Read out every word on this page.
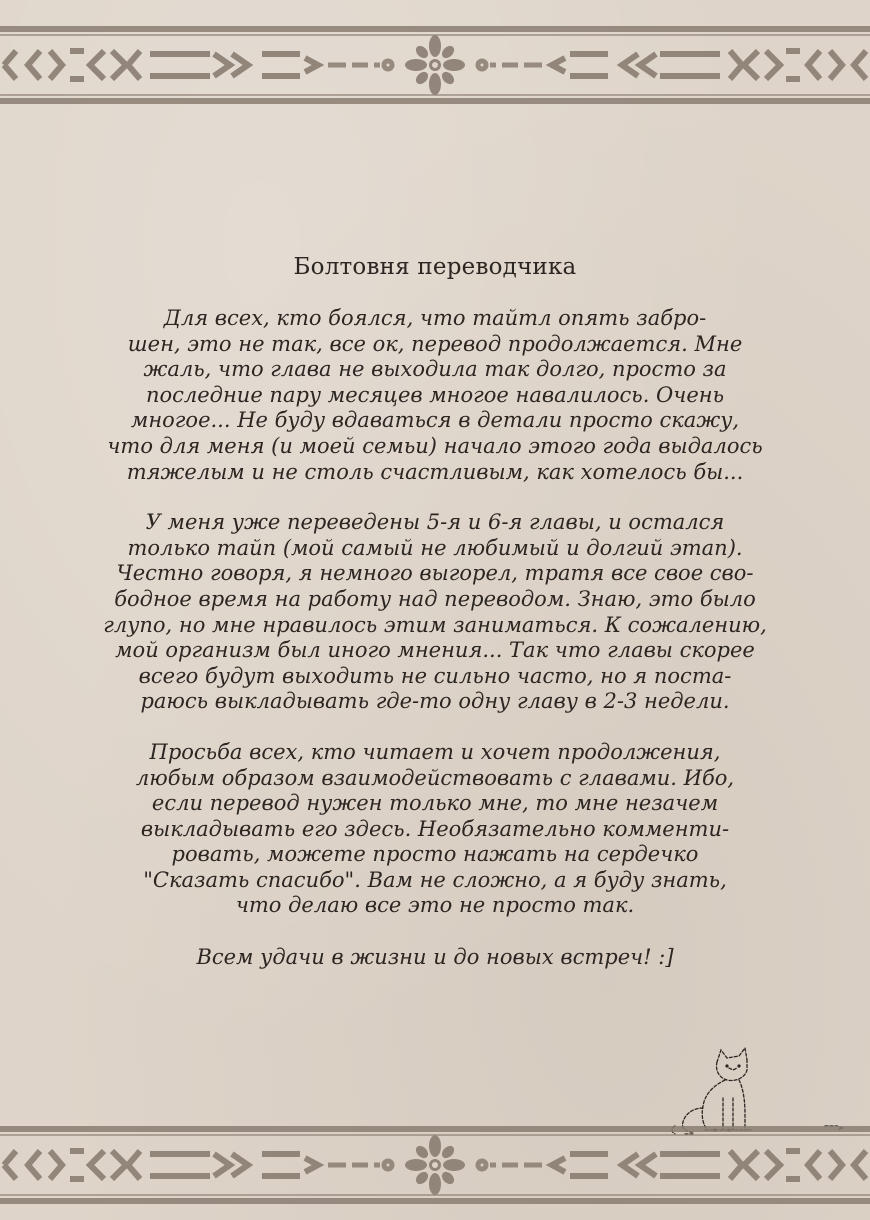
Болтовня переводчика

Для всех, кто боялся, что тайтл опять забро-
шен, это не так, все ок, перевод продолжается. Мне
жаль, что глава не выходила так долго, просто за
последние пару месяцев многое навалилось. Очень
многое... Не буду вдаваться в детали просто скажу,
что для меня (и моей семьи) начало этого года выдалось
тяжелым и не столь счастливым, как хотелось бы...

У меня уже переведены 5-я и 6-я главы, и остался
только тайп (мой самый не любимый и долгий этап).
Честно говоря, я немного выгорел, тратя все свое сво-
бодное время на работу над переводом. Знаю, это было
глупо, но мне нравилось этим заниматься. К сожалению,
мой организм был иного мнения... Так что главы скорее
всего будут выходить не сильно часто, но я поста-
раюсь выкладывать где-то одну главу в 2-3 недели.

Просьба всех, кто читает и хочет продолжения,
любым образом взаимодействовать с главами. Ибо,
если перевод нужен только мне, то мне незачем
выкладывать его здесь. Необязательно комменти-
ровать, можете просто нажать на сердечко
"Сказать спасибо". Вам не сложно, а я буду знать,
что делаю все это не просто так.

Всем удачи в жизни и до новых встреч! :]
